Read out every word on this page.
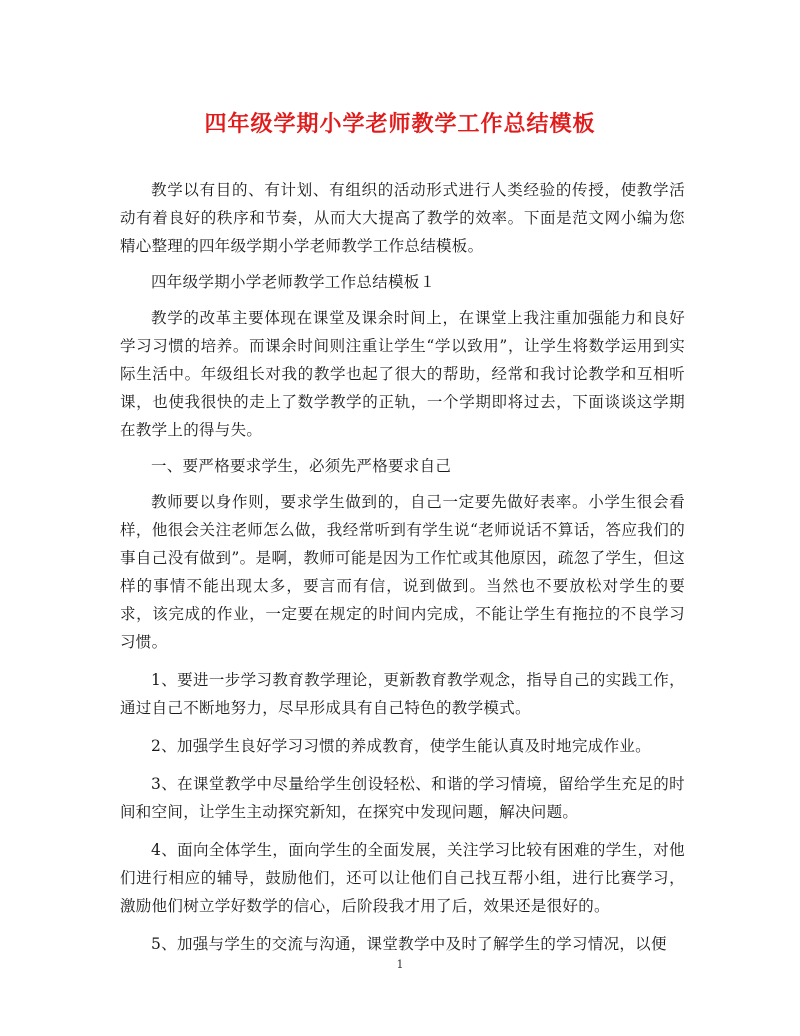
四年级学期小学老师教学工作总结模板

教学以有目的、有计划、有组织的活动形式进行人类经验的传授，使教学活动有着良好的秩序和节奏，从而大大提高了教学的效率。下面是范文网小编为您精心整理的四年级学期小学老师教学工作总结模板。

四年级学期小学老师教学工作总结模板１

教学的改革主要体现在课堂及课余时间上，在课堂上我注重加强能力和良好学习习惯的培养。而课余时间则注重让学生“学以致用”，让学生将数学运用到实际生活中。年级组长对我的教学也起了很大的帮助，经常和我讨论教学和互相听课，也使我很快的走上了数学教学的正轨，一个学期即将过去，下面谈谈这学期在教学上的得与失。

一、要严格要求学生，必须先严格要求自己

教师要以身作则，要求学生做到的，自己一定要先做好表率。小学生很会看样，他很会关注老师怎么做，我经常听到有学生说“老师说话不算话，答应我们的事自己没有做到”。是啊，教师可能是因为工作忙或其他原因，疏忽了学生，但这样的事情不能出现太多，要言而有信，说到做到。当然也不要放松对学生的要求，该完成的作业，一定要在规定的时间内完成，不能让学生有拖拉的不良学习习惯。

1、要进一步学习教育教学理论，更新教育教学观念，指导自己的实践工作，通过自己不断地努力，尽早形成具有自己特色的教学模式。

2、加强学生良好学习习惯的养成教育，使学生能认真及时地完成作业。

3、在课堂教学中尽量给学生创设轻松、和谐的学习情境，留给学生充足的时间和空间，让学生主动探究新知，在探究中发现问题，解决问题。

4、面向全体学生，面向学生的全面发展，关注学习比较有困难的学生，对他们进行相应的辅导，鼓励他们，还可以让他们自己找互帮小组，进行比赛学习，激励他们树立学好数学的信心，后阶段我才用了后，效果还是很好的。

5、加强与学生的交流与沟通，课堂教学中及时了解学生的学习情况，以便

1
